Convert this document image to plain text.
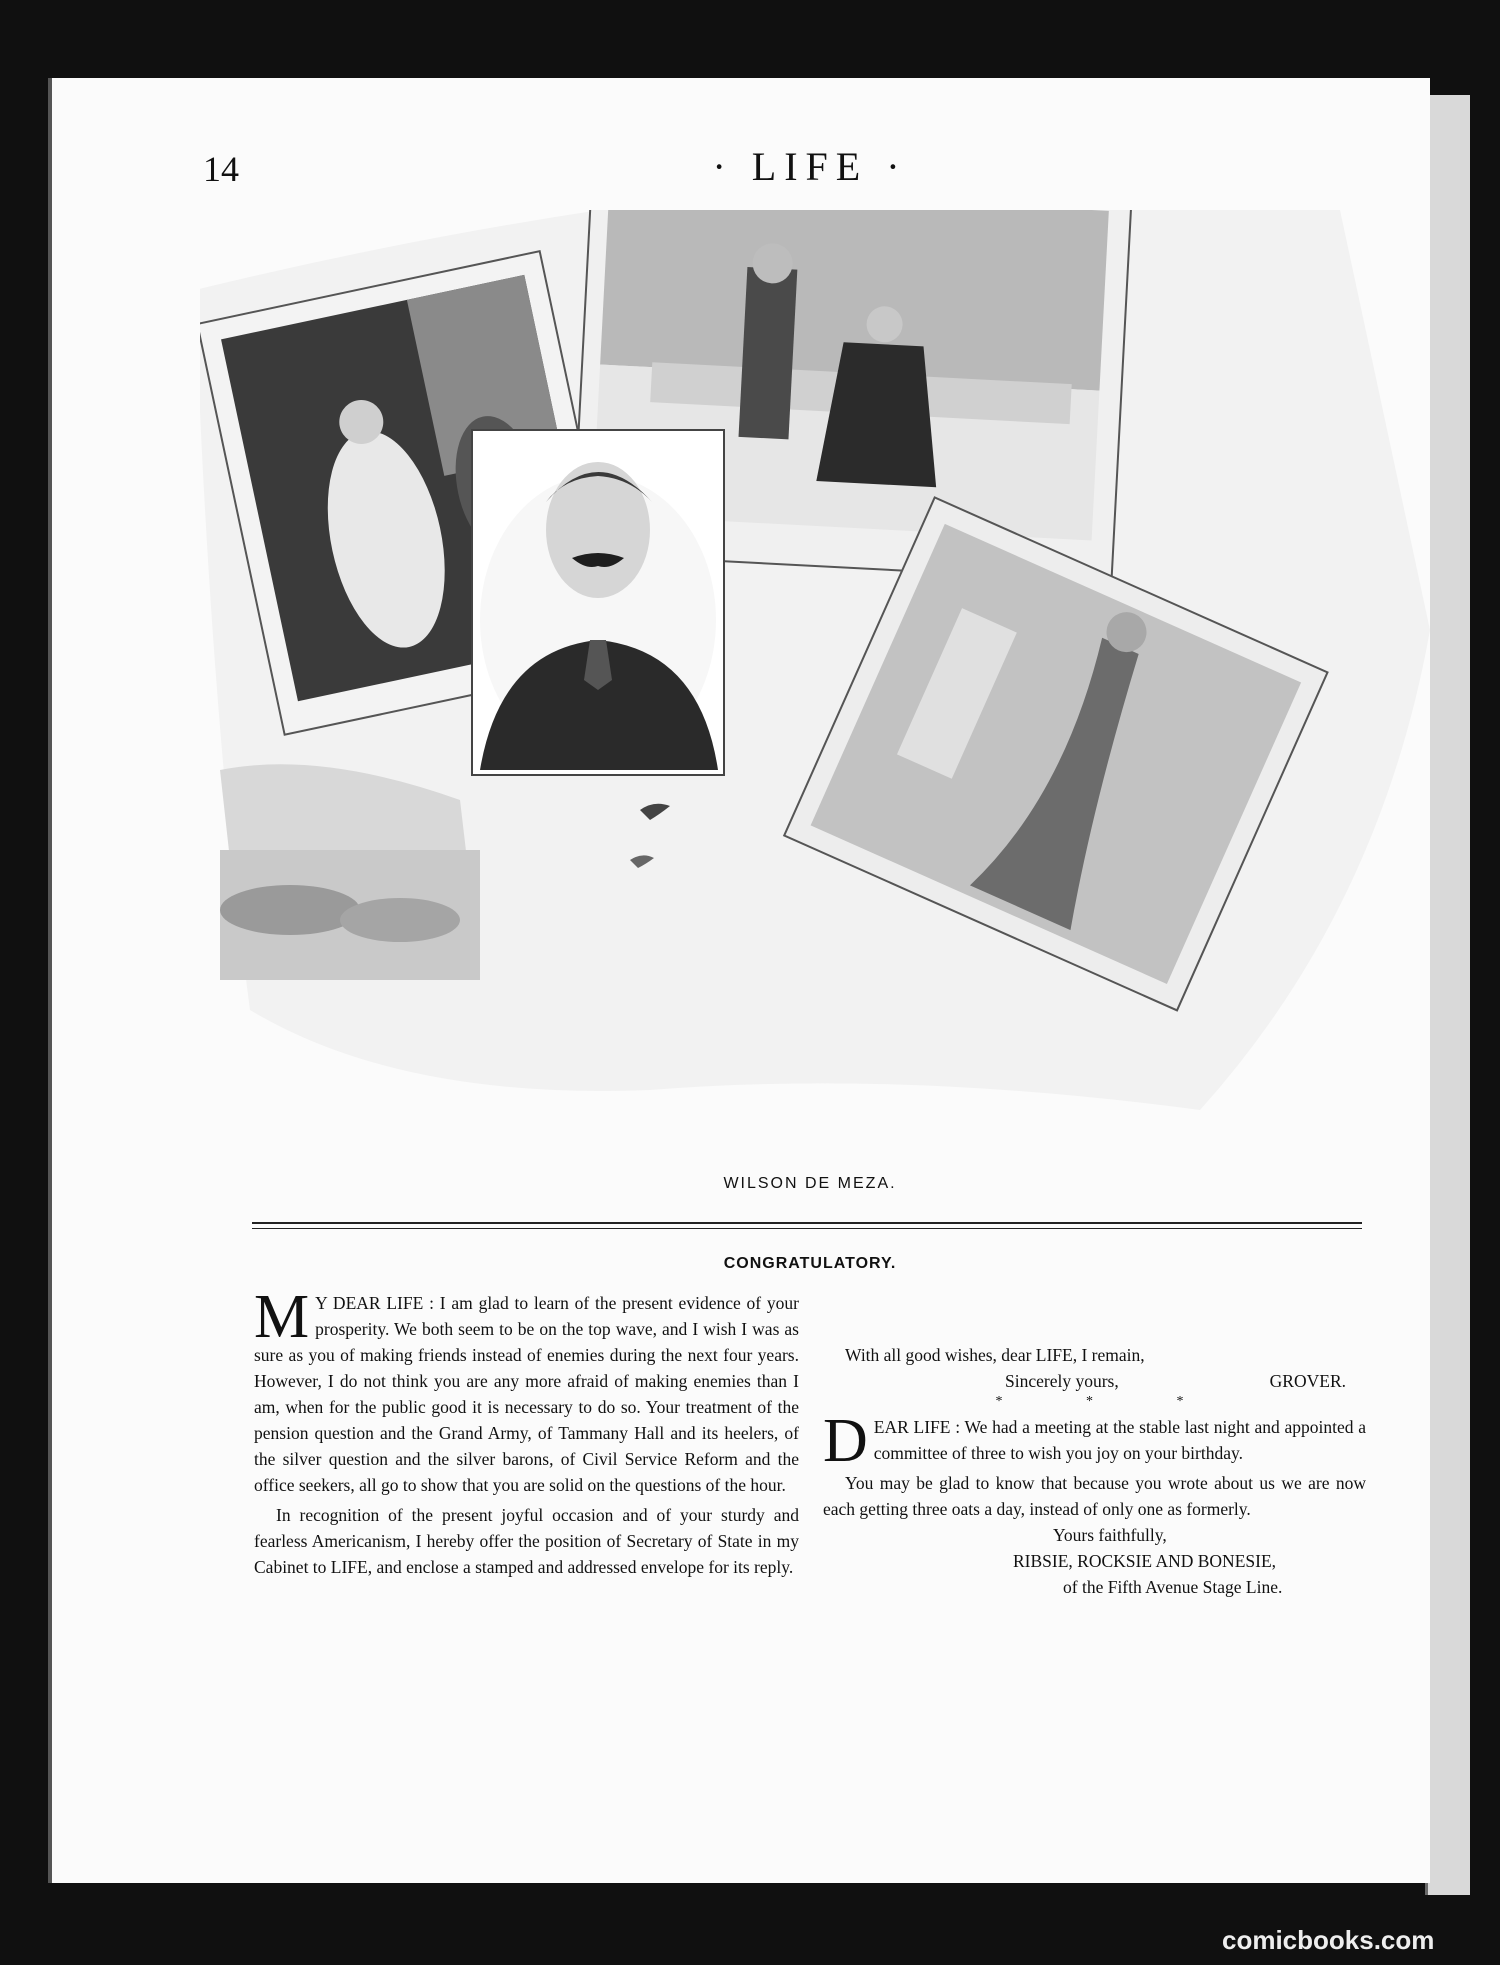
14	· LIFE ·
WILSON DE MEZA.
CONGRATULATORY.

M Y DEAR LIFE : I am glad to learn of the present evidence of your prosperity. We both seem to be on the top wave, and I wish I was as sure as you of making friends instead of enemies during the next four years. However, I do not think you are any more afraid of making enemies than I am, when for the public good it is necessary to do so. Your treatment of the pension question and the Grand Army, of Tammany Hall and its heelers, of the silver question and the silver barons, of Civil Service Reform and the office seekers, all go to show that you are solid on the questions of the hour.

In recognition of the present joyful occasion and of your sturdy and fearless Americanism, I hereby offer the position of Secretary of State in my Cabinet to LIFE, and enclose a stamped and addressed envelope for its reply.

With all good wishes, dear LIFE, I remain,

Sincerely yours,	GROVER.
* * *

DEAR LIFE : We had a meeting at the stable last night and appointed a committee of three to wish you joy on your birthday.

You may be glad to know that because you wrote about us we are now each getting three oats a day, instead of only one as formerly.

Yours faithfully,

RIBSIE, ROCKSIE AND BONESIE,

of the Fifth Avenue Stage Line.

comicbooks.com
